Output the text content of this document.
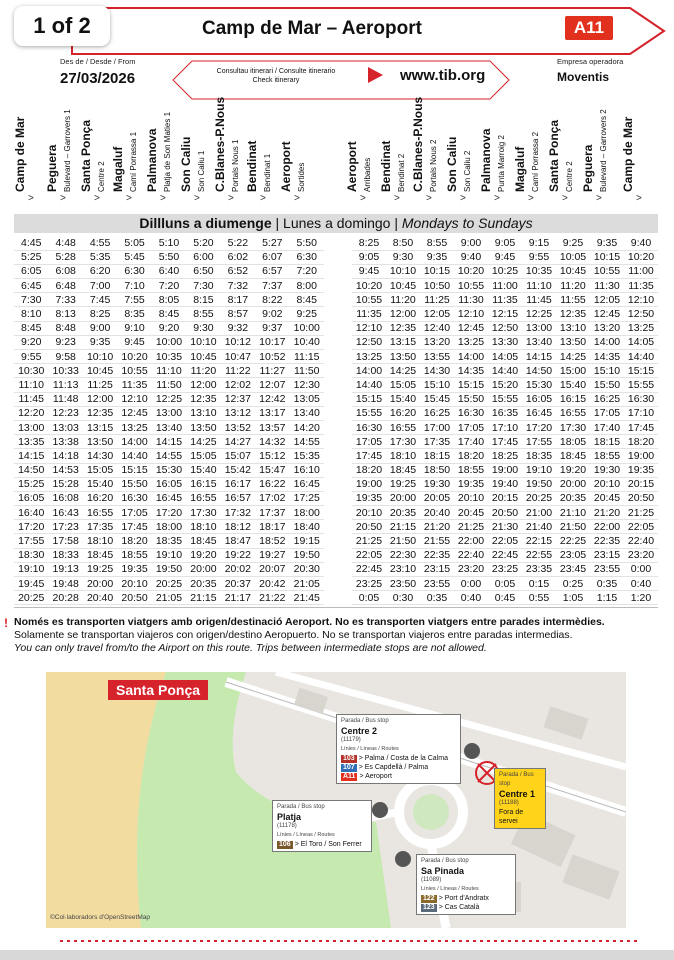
1 of 2	Camp de Mar – Aeroport	A11
Des de / Desde / From
27/03/2026	Consultau itinerari / Consulte itinerario
Check itinerary	www.tib.org
Empresa operadora
Moventis
Camp de Mar
>
Peguera Bulevard – Garrovers 1
>
Santa Ponça Centre 2
>
Magaluf Camí Porrassa 1
>
Palmanova Platja de Son Maties 1
>
Son Caliu Son Caliu 1
>
C.Blanes-P.Nous Portals Nous 1
>
Bendinat Bendinat 1
>
Aeroport Sortides
>
Aeroport Arribades
>
Bendinat Bendinat 2
>
C.Blanes-P.Nous Portals Nous 2
>
Son Caliu Son Caliu 2
>
Palmanova Punta Marroig 2
>
Magaluf Camí Porrassa 2
>
Santa Ponça Centre 2
>
Peguera Bulevard – Garrovers 2
>
Camp de Mar
>
Dillluns a diumenge | Lunes a domingo | Mondays to Sundays
4:45	4:48	4:55	5:05	5:10	5:20	5:22	5:27	5:50
5:25	5:28	5:35	5:45	5:50	6:00	6:02	6:07	6:30
6:05	6:08	6:20	6:30	6:40	6:50	6:52	6:57	7:20
6:45	6:48	7:00	7:10	7:20	7:30	7:32	7:37	8:00
7:30	7:33	7:45	7:55	8:05	8:15	8:17	8:22	8:45
8:10	8:13	8:25	8:35	8:45	8:55	8:57	9:02	9:25
8:45	8:48	9:00	9:10	9:20	9:30	9:32	9:37	10:00
9:20	9:23	9:35	9:45	10:00	10:10	10:12	10:17	10:40
9:55	9:58	10:10	10:20	10:35	10:45	10:47	10:52	11:15
10:30	10:33	10:45	10:55	11:10	11:20	11:22	11:27	11:50
11:10	11:13	11:25	11:35	11:50	12:00	12:02	12:07	12:30
11:45	11:48	12:00	12:10	12:25	12:35	12:37	12:42	13:05
12:20	12:23	12:35	12:45	13:00	13:10	13:12	13:17	13:40
13:00	13:03	13:15	13:25	13:40	13:50	13:52	13:57	14:20
13:35	13:38	13:50	14:00	14:15	14:25	14:27	14:32	14:55
14:15	14:18	14:30	14:40	14:55	15:05	15:07	15:12	15:35
14:50	14:53	15:05	15:15	15:30	15:40	15:42	15:47	16:10
15:25	15:28	15:40	15:50	16:05	16:15	16:17	16:22	16:45
16:05	16:08	16:20	16:30	16:45	16:55	16:57	17:02	17:25
16:40	16:43	16:55	17:05	17:20	17:30	17:32	17:37	18:00
17:20	17:23	17:35	17:45	18:00	18:10	18:12	18:17	18:40
17:55	17:58	18:10	18:20	18:35	18:45	18:47	18:52	19:15
18:30	18:33	18:45	18:55	19:10	19:20	19:22	19:27	19:50
19:10	19:13	19:25	19:35	19:50	20:00	20:02	20:07	20:30
19:45	19:48	20:00	20:10	20:25	20:35	20:37	20:42	21:05
20:25	20:28	20:40	20:50	21:05	21:15	21:17	21:22	21:45
8:25	8:50	8:55	9:00	9:05	9:15	9:25	9:35	9:40
9:05	9:30	9:35	9:40	9:45	9:55	10:05	10:15	10:20
9:45	10:10	10:15	10:20	10:25	10:35	10:45	10:55	11:00
10:20	10:45	10:50	10:55	11:00	11:10	11:20	11:30	11:35
10:55	11:20	11:25	11:30	11:35	11:45	11:55	12:05	12:10
11:35	12:00	12:05	12:10	12:15	12:25	12:35	12:45	12:50
12:10	12:35	12:40	12:45	12:50	13:00	13:10	13:20	13:25
12:50	13:15	13:20	13:25	13:30	13:40	13:50	14:00	14:05
13:25	13:50	13:55	14:00	14:05	14:15	14:25	14:35	14:40
14:00	14:25	14:30	14:35	14:40	14:50	15:00	15:10	15:15
14:40	15:05	15:10	15:15	15:20	15:30	15:40	15:50	15:55
15:15	15:40	15:45	15:50	15:55	16:05	16:15	16:25	16:30
15:55	16:20	16:25	16:30	16:35	16:45	16:55	17:05	17:10
16:30	16:55	17:00	17:05	17:10	17:20	17:30	17:40	17:45
17:05	17:30	17:35	17:40	17:45	17:55	18:05	18:15	18:20
17:45	18:10	18:15	18:20	18:25	18:35	18:45	18:55	19:00
18:20	18:45	18:50	18:55	19:00	19:10	19:20	19:30	19:35
19:00	19:25	19:30	19:35	19:40	19:50	20:00	20:10	20:15
19:35	20:00	20:05	20:10	20:15	20:25	20:35	20:45	20:50
20:10	20:35	20:40	20:45	20:50	21:00	21:10	21:20	21:25
20:50	21:15	21:20	21:25	21:30	21:40	21:50	22:00	22:05
21:25	21:50	21:55	22:00	22:05	22:15	22:25	22:35	22:40
22:05	22:30	22:35	22:40	22:45	22:55	23:05	23:15	23:20
22:45	23:10	23:15	23:20	23:25	23:35	23:45	23:55	0:00
23:25	23:50	23:55	0:00	0:05	0:15	0:25	0:35	0:40
0:05	0:30	0:35	0:40	0:45	0:55	1:05	1:15	1:20
! Només es transporten viatgers amb origen/destinació Aeroport. No es transporten viatgers entre parades intermèdies.
Solamente se transportan viajeros con origen/destino Aeropuerto. No se transportan viajeros entre paradas intermedias.
You can only travel from/to the Airport on this route. Trips between intermediate stops are not allowed.
Santa Ponça
Parada / Bus stop
Centre 2
(11179)
Línies / Líneas / Routes
103 > Palma / Costa de la Calma
107 > Es Capdellà / Palma
A11 > Aeroport	Parada / Bus stop
Centre 1
(11188)
Fora de servei
Parada / Bus stop
Platja
(11178)
Línies / Líneas / Routes
106 > El Toro / Son Ferrer
Parada / Bus stop
Sa Pinada
(11089)
Línies / Líneas / Routes
122 > Port d'Andratx
123 > Cas Català
©Col·laboradors d'OpenStreetMap
